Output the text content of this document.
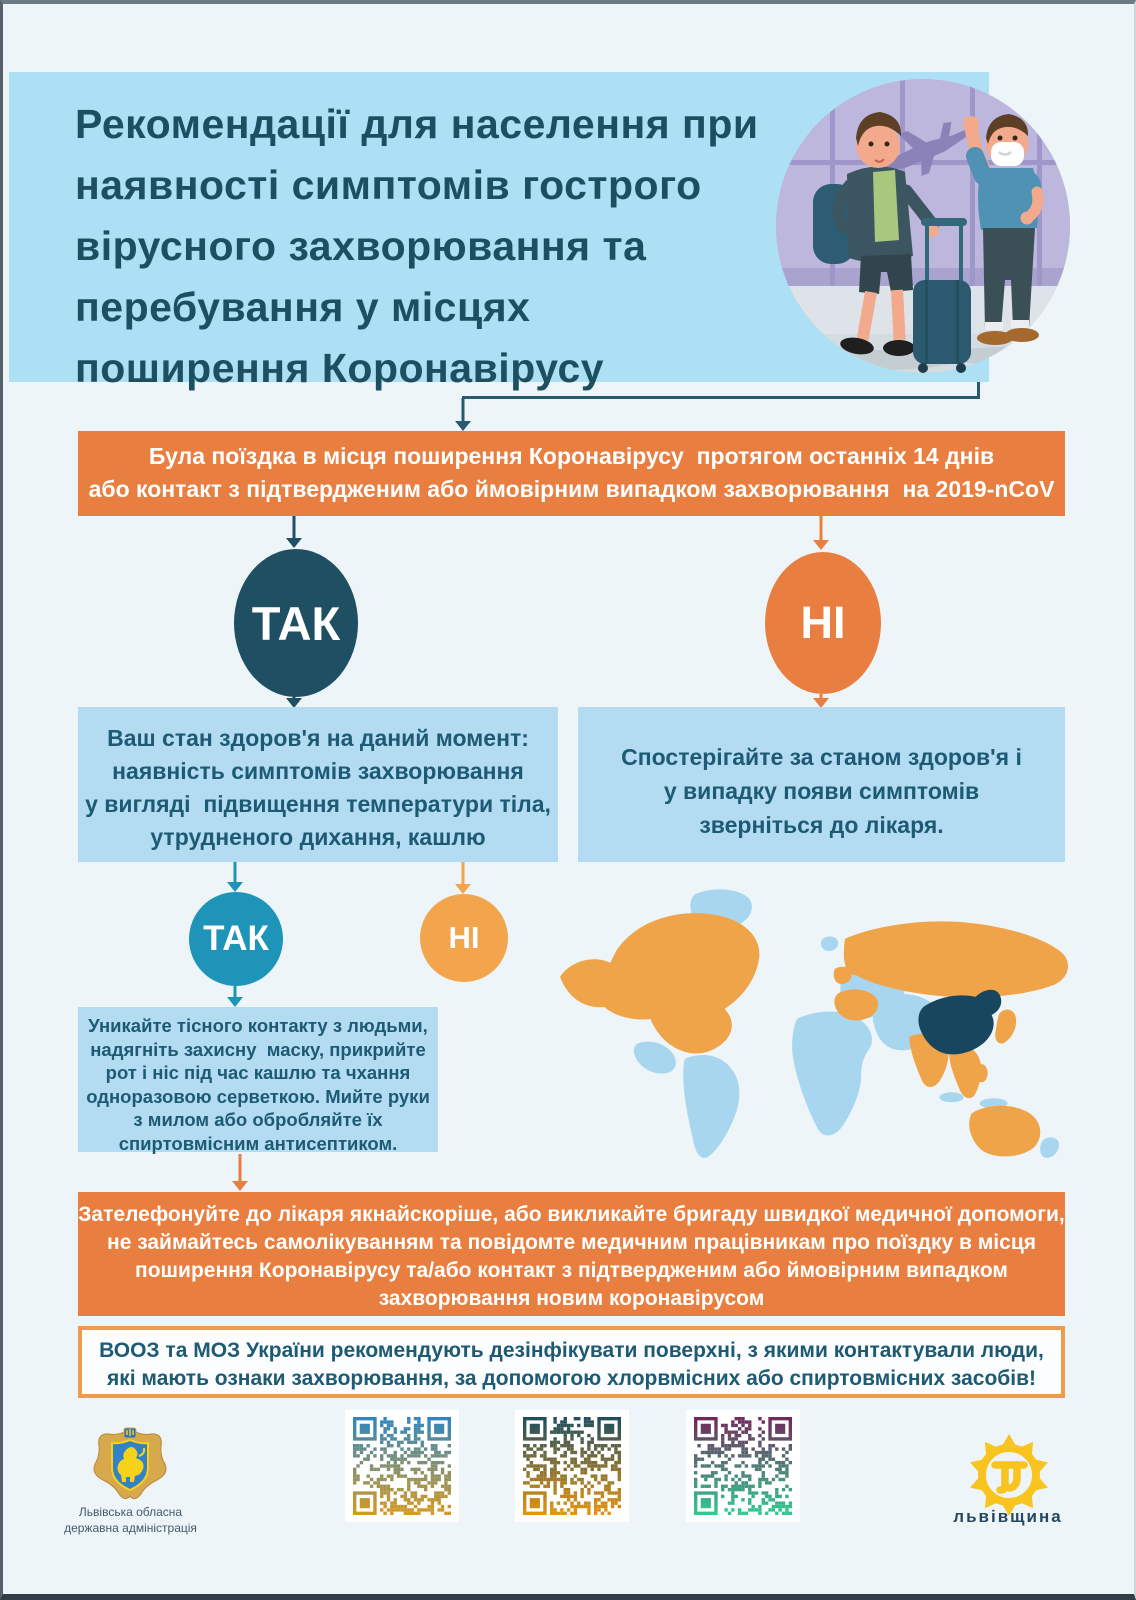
Рекомендації для населення при
наявності симптомів гострого
вірусного захворювання та
перебування у місцях
поширення Коронавірусу
Була поїздка в місця поширення Коронавірусу  протягом останніх 14 днів
або контакт з підтвердженим або ймовірним випадком захворювання  на 2019-nCoV
ТАК	НІ
Ваш стан здоров'я на даний момент:
наявність симптомів захворювання
у вигляді  підвищення температури тіла,
утрудненого дихання, кашлю
Спостерігайте за станом здоров'я і
у випадку появи симптомів
зверніться до лікаря.
ТАК	НІ
Уникайте тісного контакту з людьми,
надягніть захисну  маску, прикрийте
рот і ніс під час кашлю та чхання
одноразовою серветкою. Мийте руки
з милом або обробляйте їх
спиртовмісним антисептиком.
Зателефонуйте до лікаря якнайскоріше, або викликайте бригаду швидкої медичної допомоги,
не займайтесь самолікуванням та повідомте медичним працівникам про поїздку в місця
поширення Коронавірусу та/або контакт з підтвердженим або ймовірним випадком
захворювання новим коронавірусом
ВООЗ та МОЗ України рекомендують дезінфікувати поверхні, з якими контактували люди,
які мають ознаки захворювання, за допомогою хлорвмісних або спиртовмісних засобів!
Львівська обласна
державна адміністрація
львівщина
